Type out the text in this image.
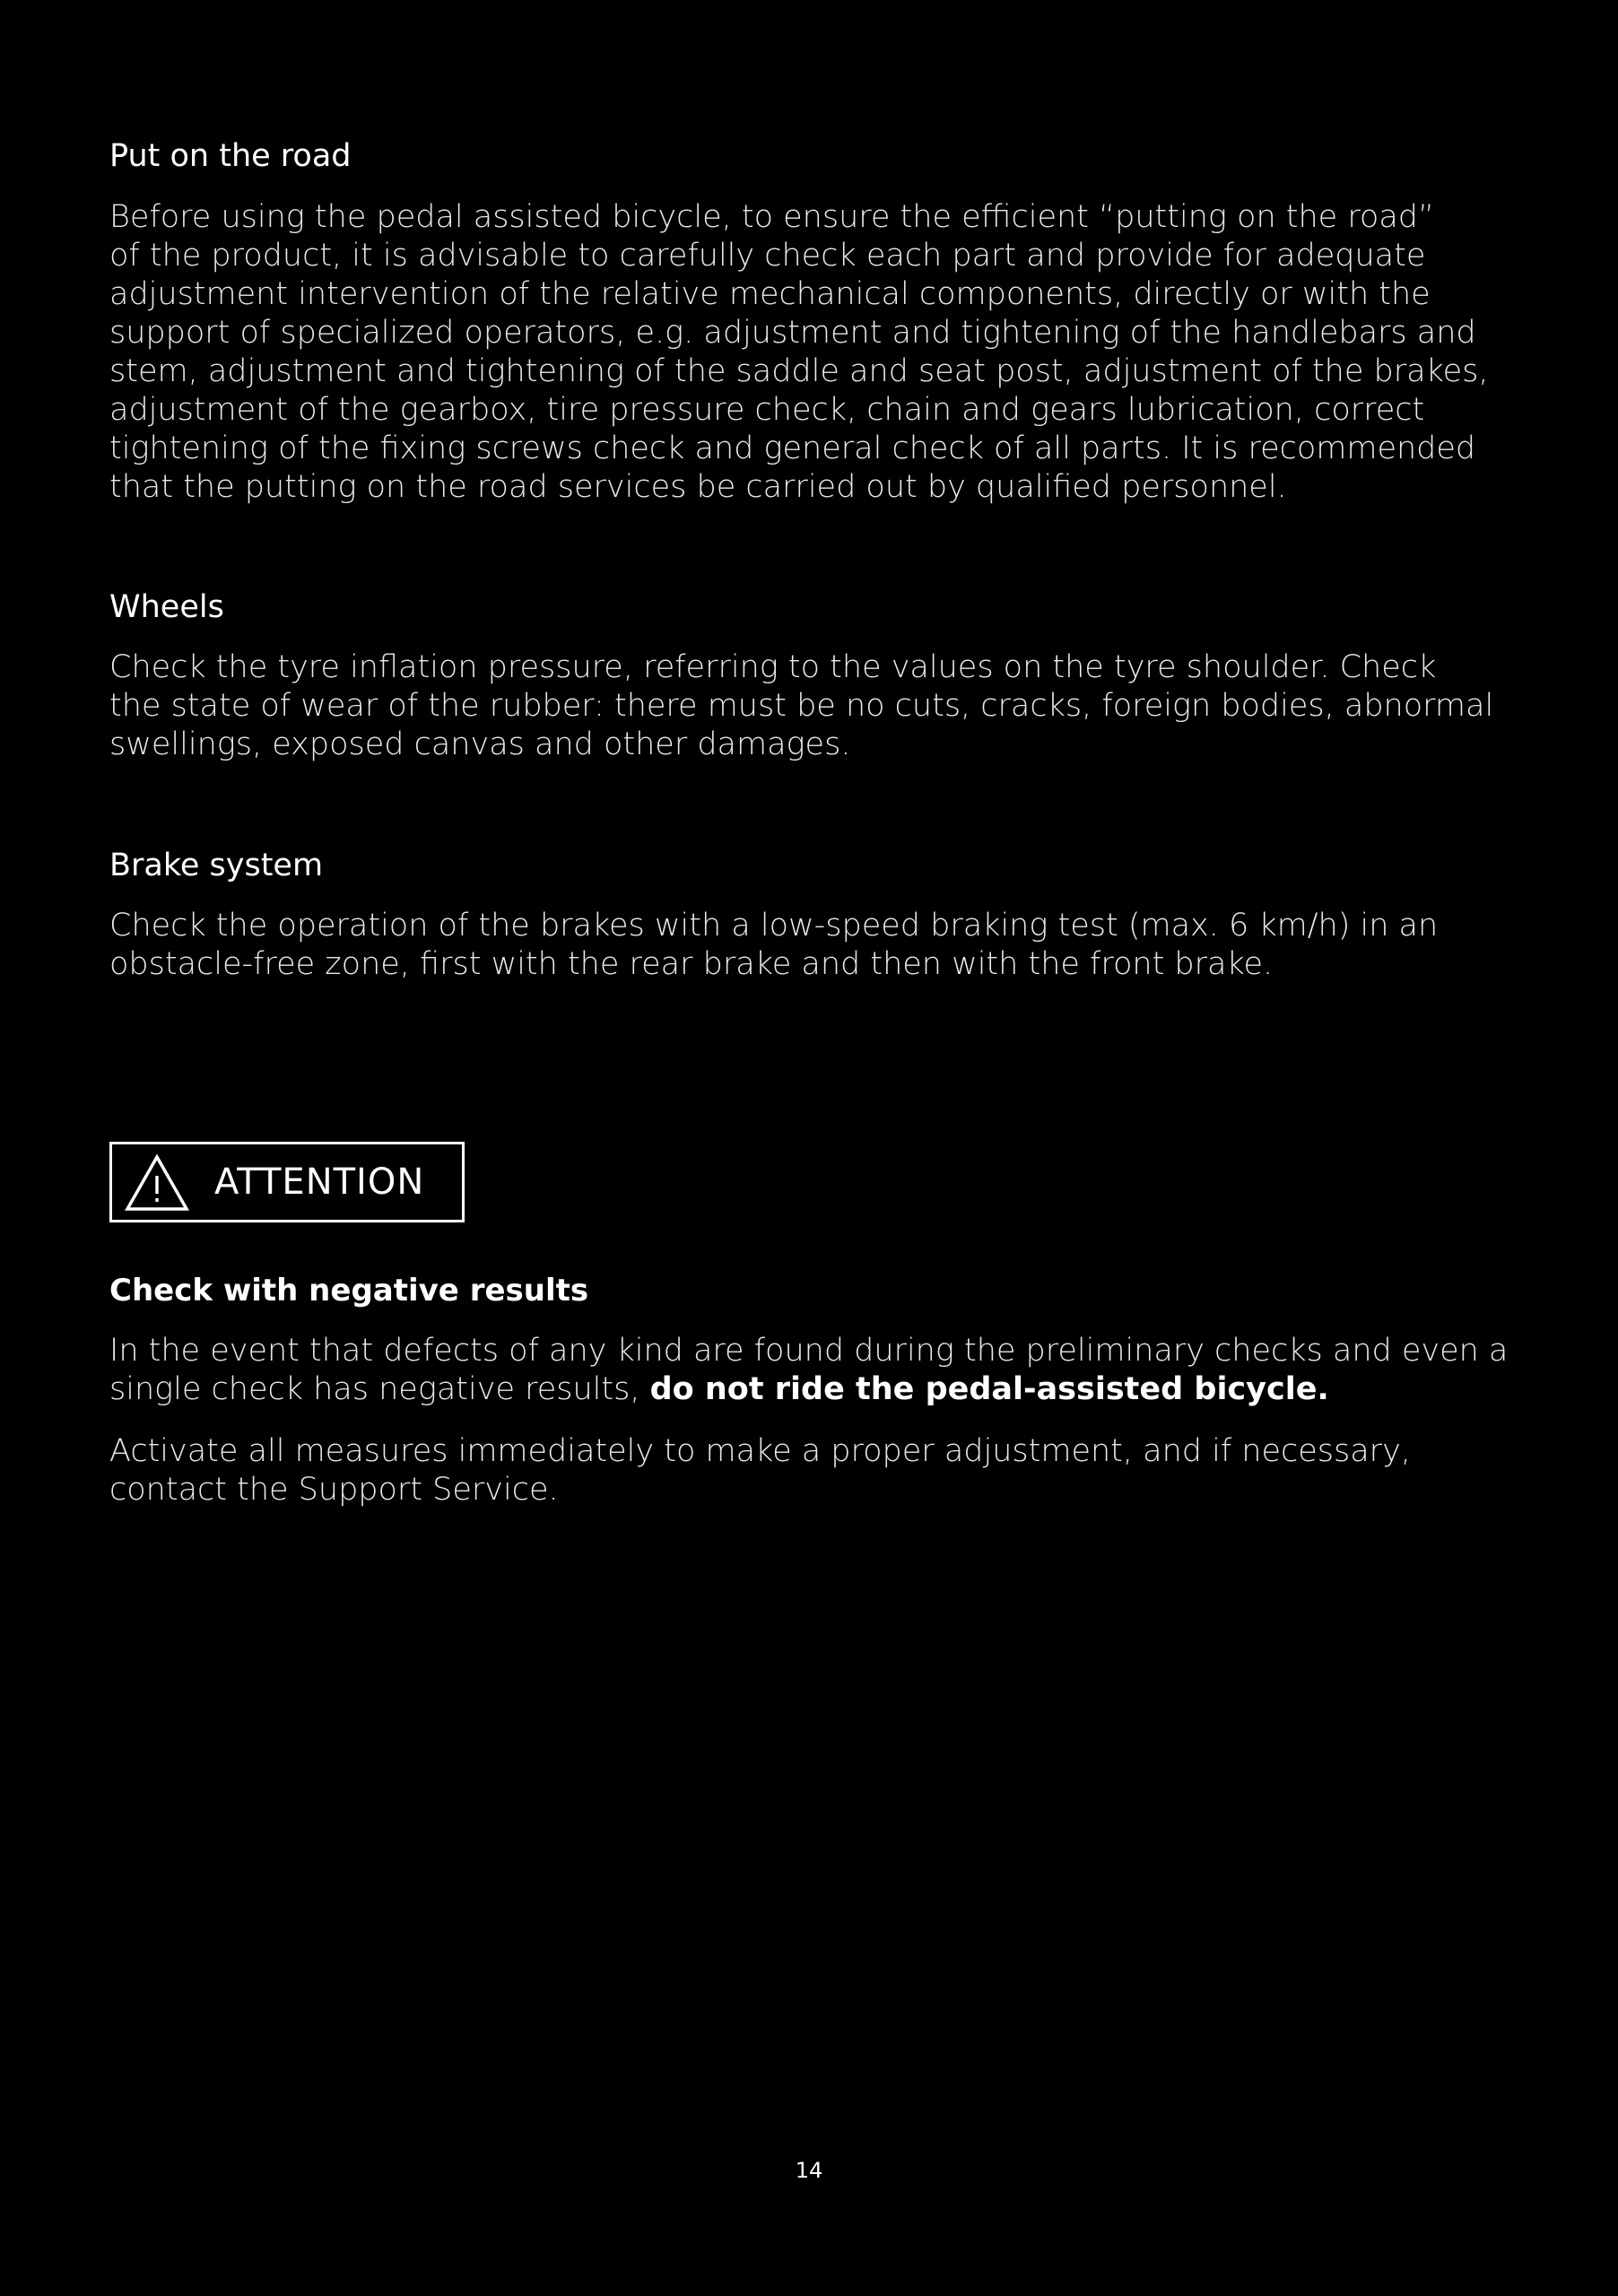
Put on the road

Before using the pedal assisted bicycle, to ensure the efficient “putting on the road”
of the product, it is advisable to carefully check each part and provide for adequate
adjustment intervention of the relative mechanical components, directly or with the
support of specialized operators, e.g. adjustment and tightening of the handlebars and
stem, adjustment and tightening of the saddle and seat post, adjustment of the brakes,
adjustment of the gearbox, tire pressure check, chain and gears lubrication, correct
tightening of the fixing screws check and general check of all parts. It is recommended
that the putting on the road services be carried out by qualified personnel.

Wheels

Check the tyre inflation pressure, referring to the values on the tyre shoulder. Check
the state of wear of the rubber: there must be no cuts, cracks, foreign bodies, abnormal
swellings, exposed canvas and other damages.

Brake system

Check the operation of the brakes with a low-speed braking test (max. 6 km/h) in an
obstacle-free zone, first with the rear brake and then with the front brake.

ATTENTION
Check with negative results

In the event that defects of any kind are found during the preliminary checks and even a
single check has negative results, do not ride the pedal-assisted bicycle.

Activate all measures immediately to make a proper adjustment, and if necessary,
contact the Support Service.

14
